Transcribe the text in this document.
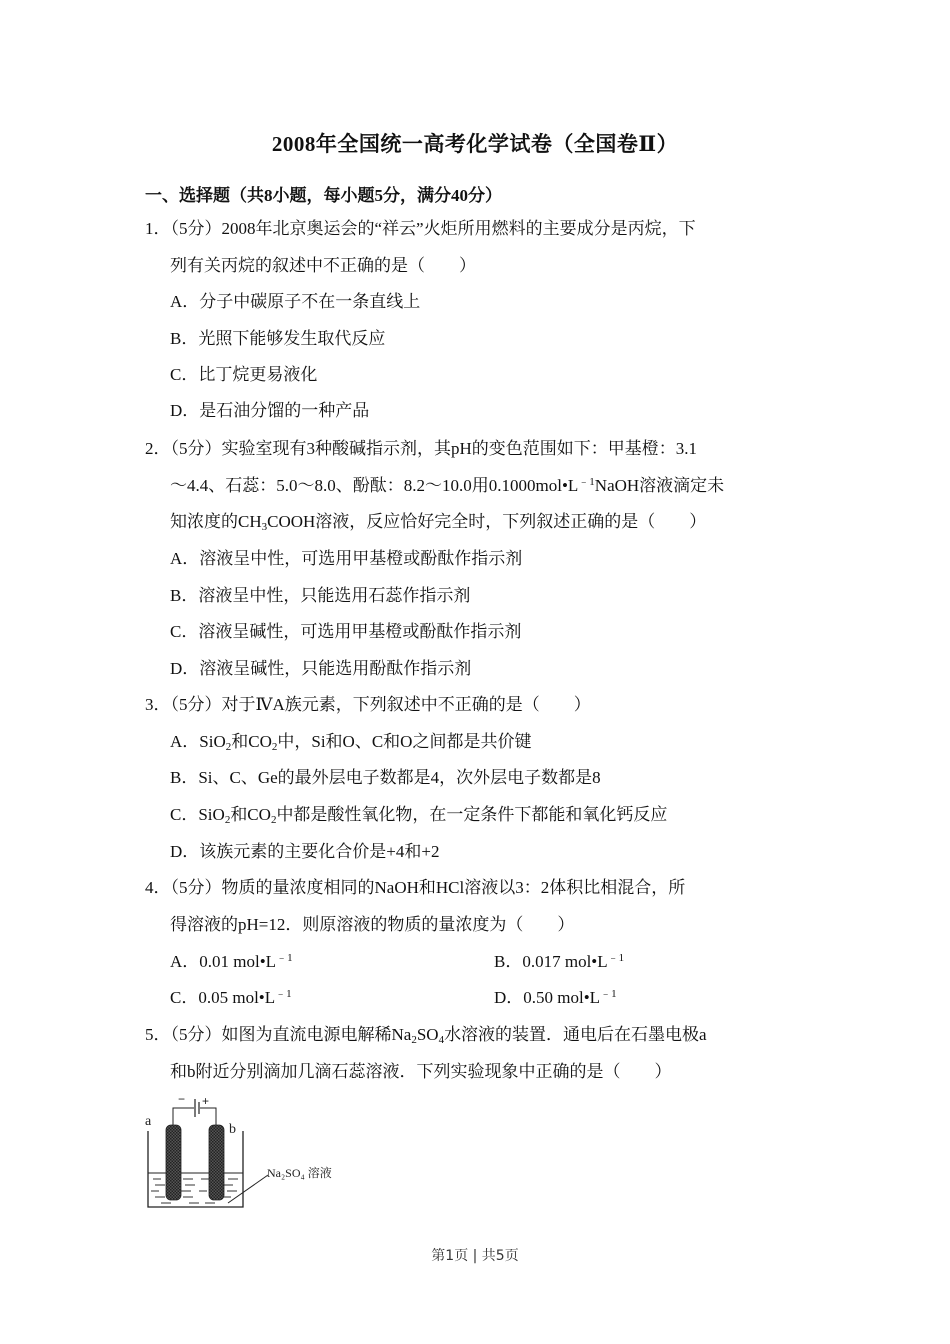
2008年全国统一高考化学试卷（全国卷Ⅱ）
一、选择题（共8小题，每小题5分，满分40分）
1．（5分）2008年北京奥运会的“祥云”火炬所用燃料的主要成分是丙烷，下
列有关丙烷的叙述中不正确的是（　　）
A．分子中碳原子不在一条直线上
B．光照下能够发生取代反应
C．比丁烷更易液化
D．是石油分馏的一种产品
2．（5分）实验室现有3种酸碱指示剂，其pH的变色范围如下：甲基橙：3.1
～4.4、石蕊：5.0～8.0、酚酞：8.2～10.0用$0.1000mol•L^{﹣1}NaOH$溶液滴定未
知浓度的$CH_3COOH$溶液，反应恰好完全时，下列叙述正确的是（　　）
A．溶液呈中性，可选用甲基橙或酚酞作指示剂
B．溶液呈中性，只能选用石蕊作指示剂
C．溶液呈碱性，可选用甲基橙或酚酞作指示剂
D．溶液呈碱性，只能选用酚酞作指示剂
3．（5分）对于ⅣA族元素，下列叙述中不正确的是（　　）
A．SiO$_2$和$CO_2$中，Si和O、C和O之间都是共价键
B．Si、C、Ge的最外层电子数都是4，次外层电子数都是8
C．SiO$_2$和$CO_2$中都是酸性氧化物，在一定条件下都能和氧化钙反应
D．该族元素的主要化合价是+4和+2
4．（5分）物质的量浓度相同的NaOH和HCl溶液以3：2体积比相混合，所
得溶液的pH=12．则原溶液的物质的量浓度为（　　）
A．0.01 $mol•L^{﹣1}$	B．0.017 $mol•L^{﹣1}$
C．0.05 $mol•L^{﹣1}$	D．0.50 $mol•L^{﹣1}$
5．（5分）如图为直流电源电解稀$Na_2SO_4$水溶液的装置．通电后在石墨电极a
和b附近分别滴加几滴石蕊溶液．下列实验现象中正确的是（　　）
− +
a
b
Na₂SO₄ 溶液
第1页 | 共5页
